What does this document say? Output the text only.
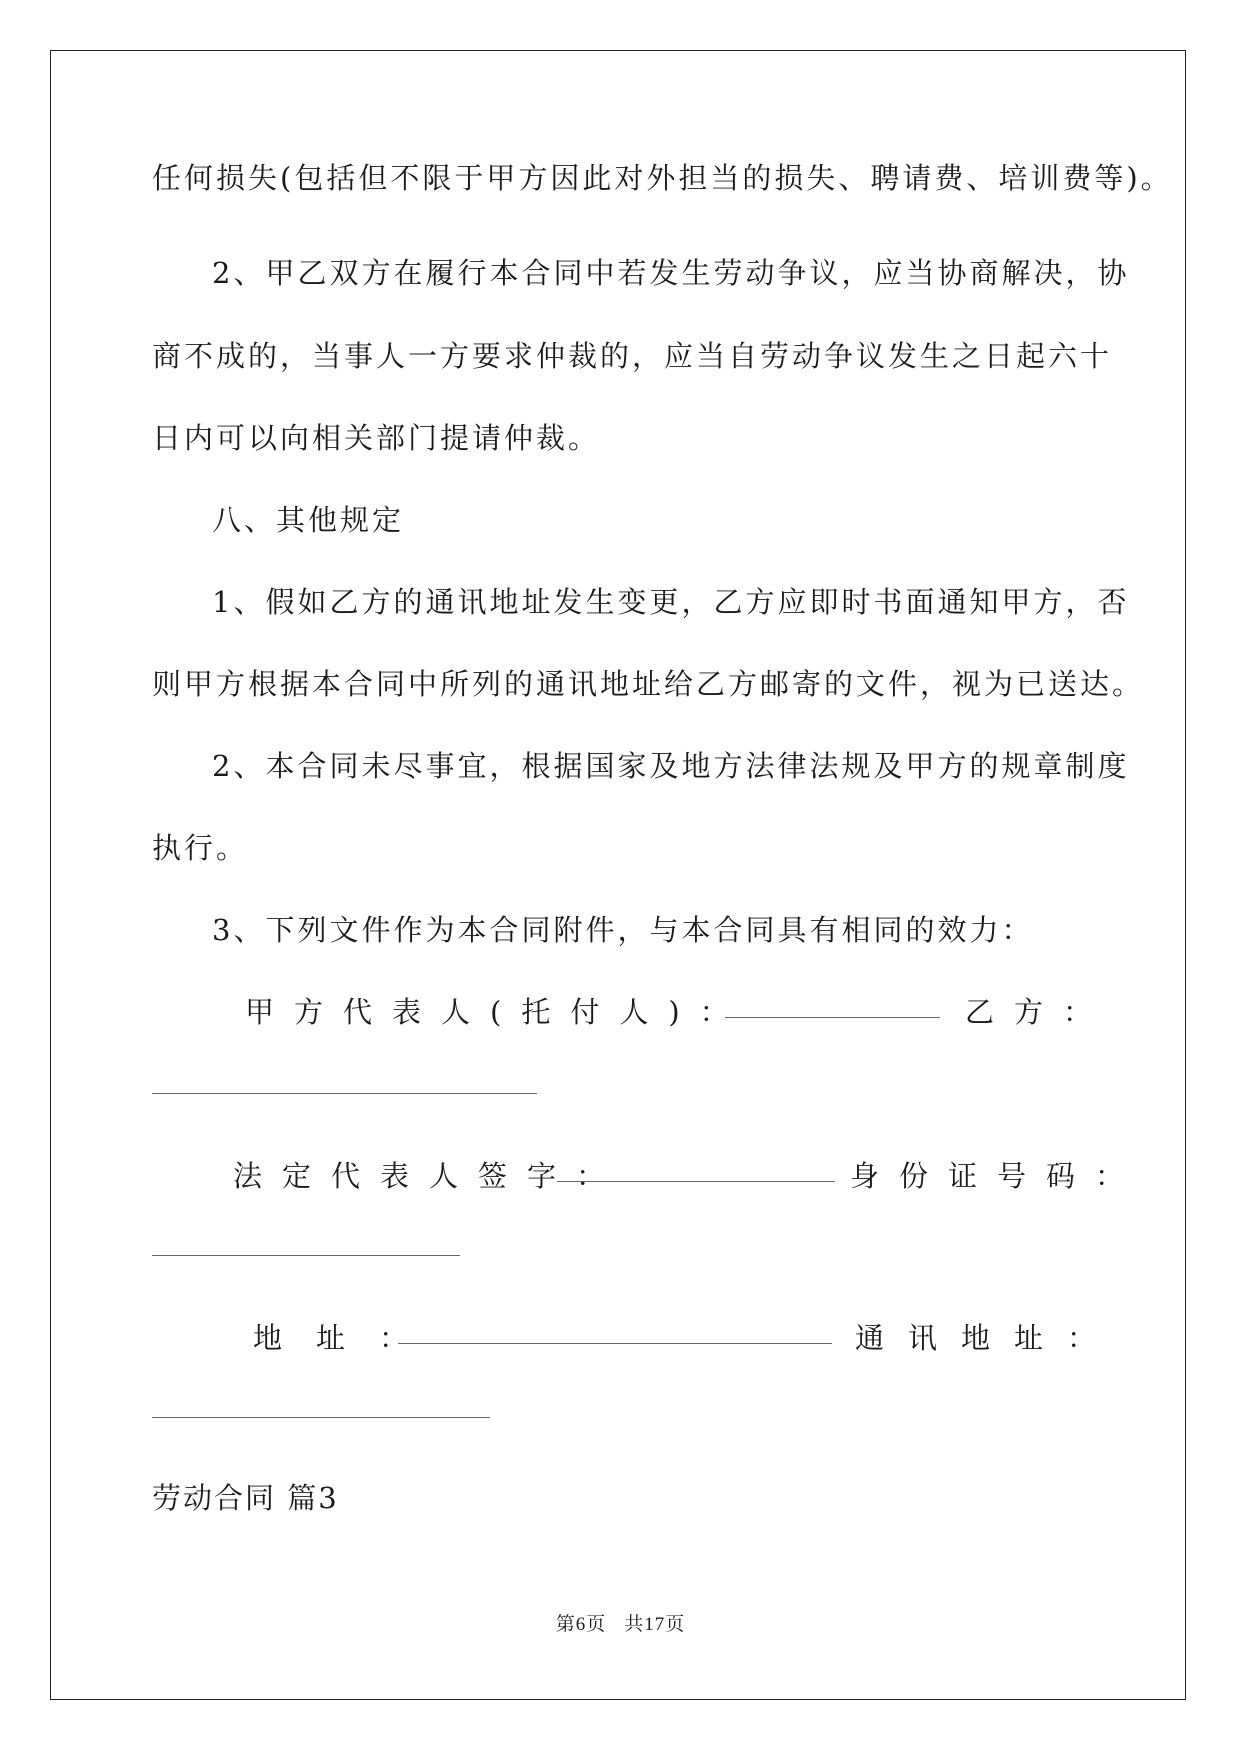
任何损失(包括但不限于甲方因此对外担当的损失、聘请费、培训费等)。
2、甲乙双方在履行本合同中若发生劳动争议，应当协商解决，协
商不成的，当事人一方要求仲裁的，应当自劳动争议发生之日起六十
日内可以向相关部门提请仲裁。
八、其他规定
1、假如乙方的通讯地址发生变更，乙方应即时书面通知甲方，否
则甲方根据本合同中所列的通讯地址给乙方邮寄的文件，视为已送达。
2、本合同未尽事宜，根据国家及地方法律法规及甲方的规章制度
执行。
3、下列文件作为本合同附件，与本合同具有相同的效力：
甲方代表人(托付人)：	乙方：
法定代表人签字：	身份证号码：
地址：	通讯地址：
劳动合同 篇3
第6页 共17页
